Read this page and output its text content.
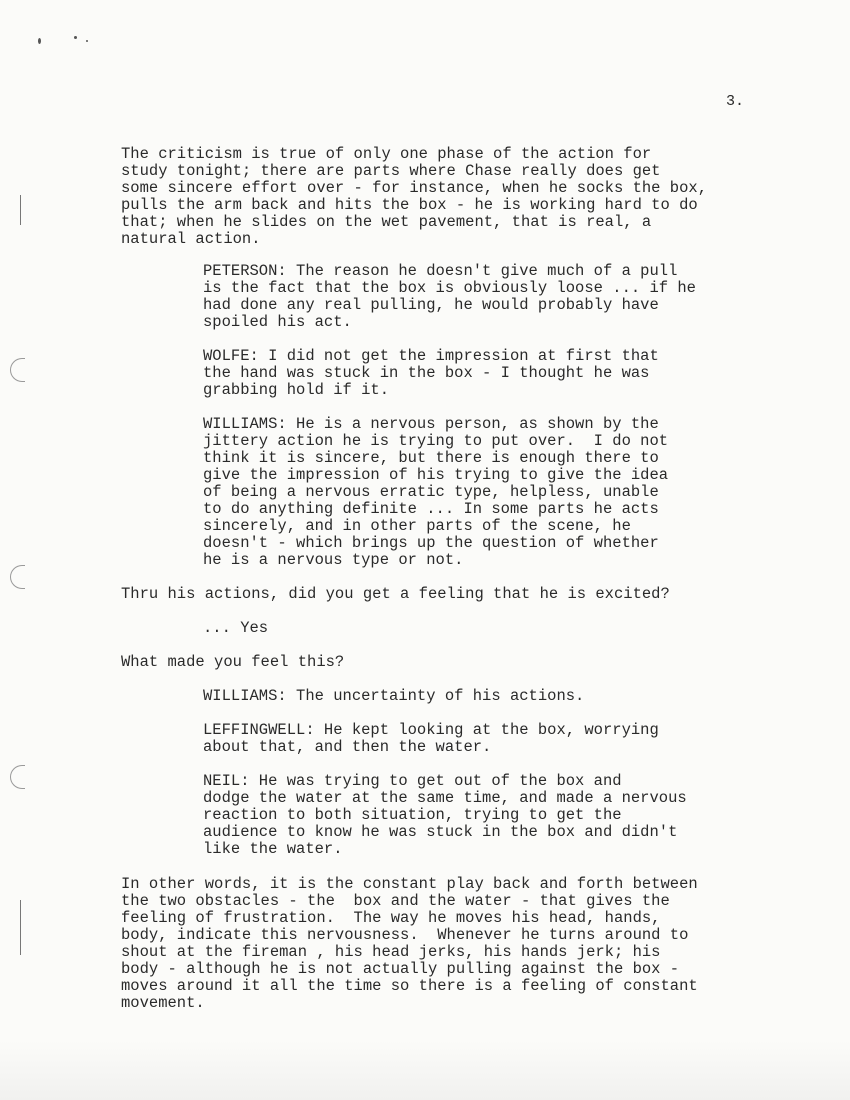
3.
The criticism is true of only one phase of the action for
study tonight; there are parts where Chase really does get
some sincere effort over - for instance, when he socks the box,
pulls the arm back and hits the box - he is working hard to do
that; when he slides on the wet pavement, that is real, a
natural action.
PETERSON: The reason he doesn't give much of a pull
is the fact that the box is obviously loose ... if he
had done any real pulling, he would probably have
spoiled his act.
WOLFE: I did not get the impression at first that
the hand was stuck in the box - I thought he was
grabbing hold if it.
WILLIAMS: He is a nervous person, as shown by the
jittery action he is trying to put over.  I do not
think it is sincere, but there is enough there to
give the impression of his trying to give the idea
of being a nervous erratic type, helpless, unable
to do anything definite ... In some parts he acts
sincerely, and in other parts of the scene, he
doesn't - which brings up the question of whether
he is a nervous type or not.
Thru his actions, did you get a feeling that he is excited?
... Yes
What made you feel this?
WILLIAMS: The uncertainty of his actions.
LEFFINGWELL: He kept looking at the box, worrying
about that, and then the water.
NEIL: He was trying to get out of the box and
dodge the water at the same time, and made a nervous
reaction to both situation, trying to get the
audience to know he was stuck in the box and didn't
like the water.
In other words, it is the constant play back and forth between
the two obstacles - the  box and the water - that gives the
feeling of frustration.  The way he moves his head, hands,
body, indicate this nervousness.  Whenever he turns around to
shout at the fireman , his head jerks, his hands jerk; his
body - although he is not actually pulling against the box -
moves around it all the time so there is a feeling of constant
movement.
